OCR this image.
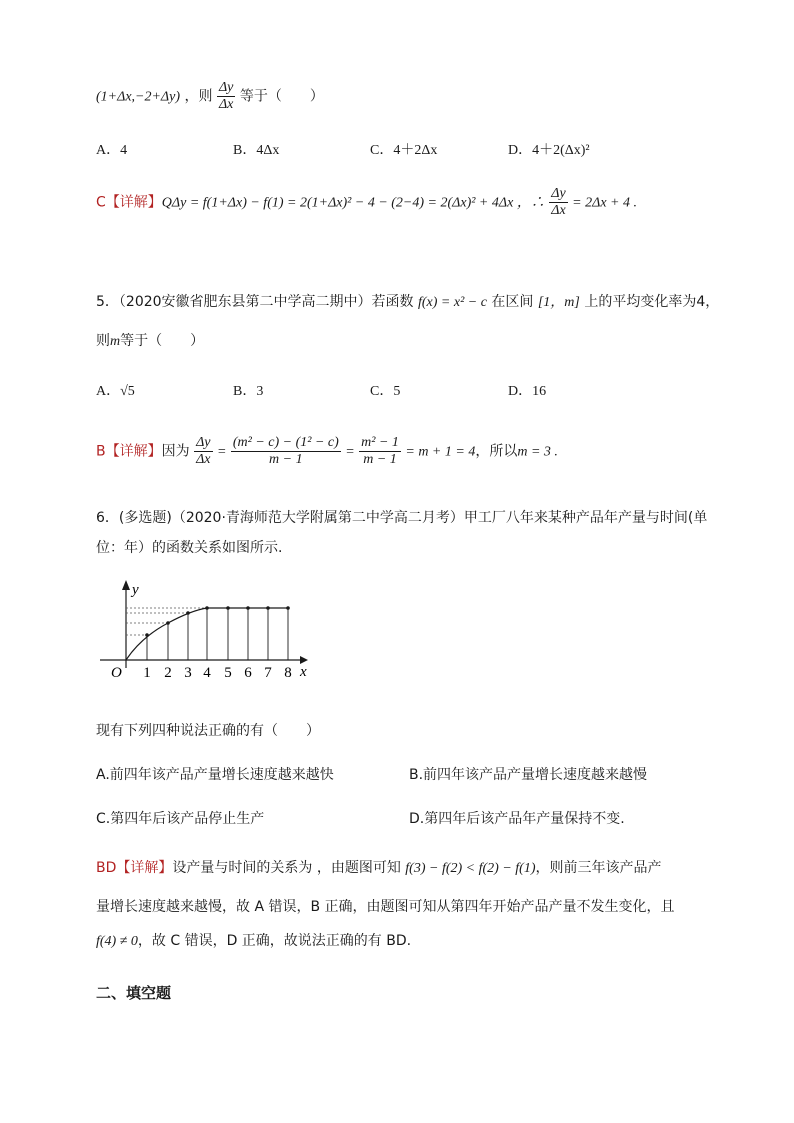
(1+Δx,−2+Δy) ，则 $\frac{\Delta y}{\Delta x}$ 等于（　　）
A．4	B．4Δx	C．4＋2Δx	D．4＋2(Δx)²
C【详解】QΔy = f(1+Δx) − f(1) = 2(1+Δx)² − 4 − (2−4) = 2(Δx)² + 4Δx ，∴ $\frac{\Delta y}{\Delta x} = 2\Delta x + 4$ .
5．（2020安徽省肥东县第二中学高二期中）若函数 f(x) = x² − c 在区间 [1，m] 上的平均变化率为4，
则m等于（　　）
A．√5	B．3	C．5	D．16
B【详解】因为 $\frac{\Delta y}{\Delta x} = \frac{\text{(m² − c) − (1² − c)}}{m - 1} = \frac{\text{m² − 1}}{m - 1} = m + 1 = 4$，所以m = 3 .
6．(多选题)（2020·青海师范大学附属第二中学高二月考）甲工厂八年来某种产品年产量与时间(单
位：年）的函数关系如图所示.
y
x
O 1 2 3 4 5 6 7 8
现有下列四种说法正确的有（　　）
A.前四年该产品产量增长速度越来越快	B.前四年该产品产量增长速度越来越慢
C.第四年后该产品停止生产	D.第四年后该产品年产量保持不变.
BD【详解】设产量与时间的关系为 ，由题图可知 f(3) − f(2) < f(2) − f(1)，则前三年该产品产
量增长速度越来越慢，故 A 错误，B 正确，由题图可知从第四年开始产品产量不发生变化，且
f(4) ≠ 0，故 C 错误，D 正确，故说法正确的有 BD.
二、填空题
